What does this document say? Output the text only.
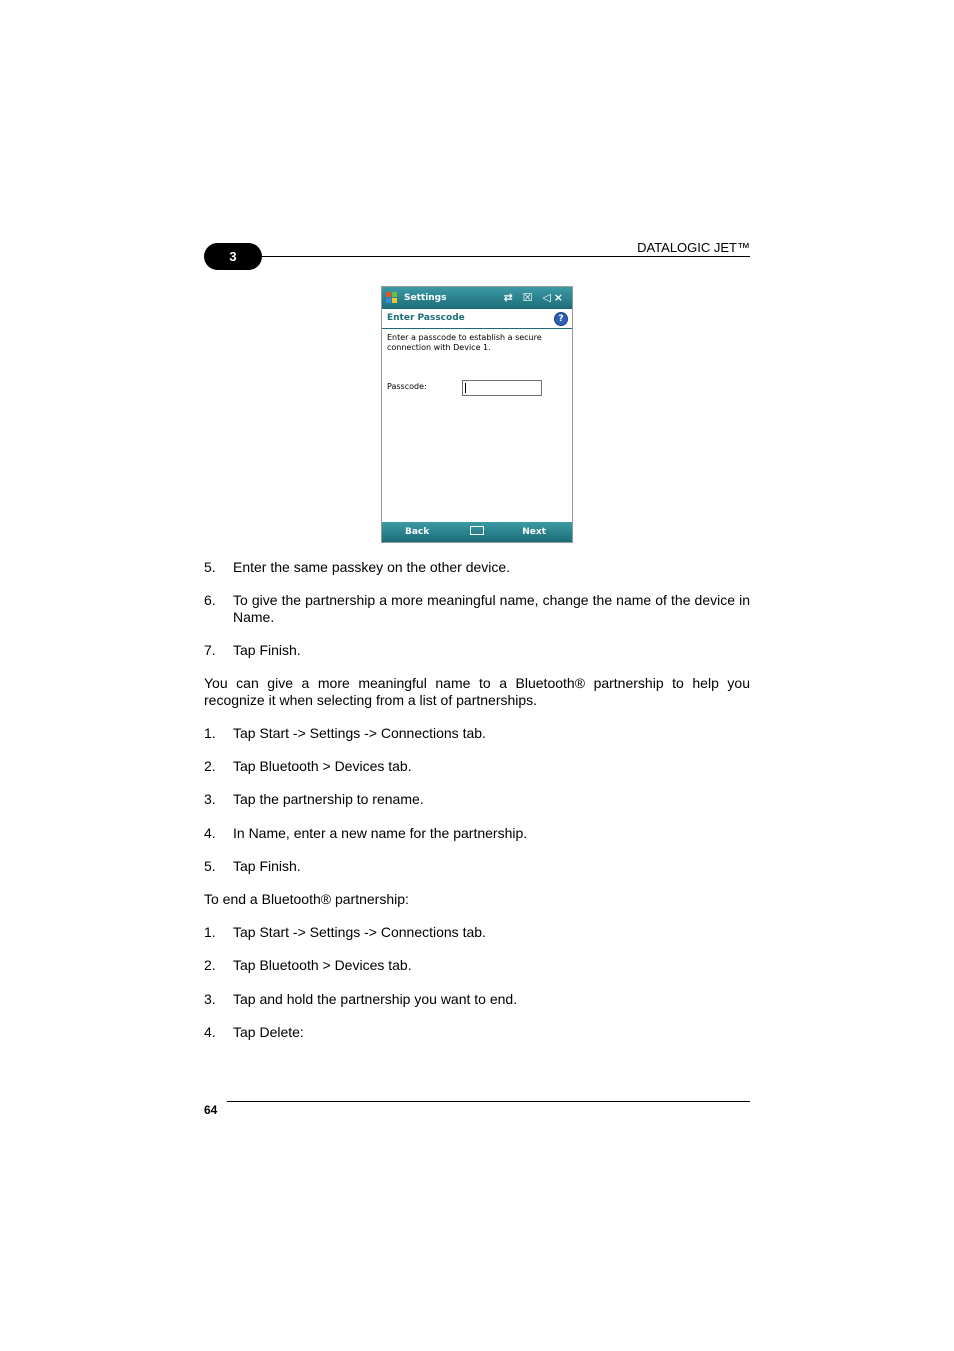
3
DATALOGIC JET™
Settings	⇄ ☒ ◁×
Enter Passcode	?
Enter a passcode to establish a secure connection with Device 1.
Passcode:
Back	Next
5. Enter the same passkey on the other device.
6. To give the partnership a more meaningful name, change the name of the device in Name.
7. Tap Finish.
You can give a more meaningful name to a Bluetooth® partnership to help you recognize it when selecting from a list of partnerships.
1. Tap Start -> Settings -> Connections tab.
2. Tap Bluetooth > Devices tab.
3. Tap the partnership to rename.
4. In Name, enter a new name for the partnership.
5. Tap Finish.
To end a Bluetooth® partnership:
1. Tap Start -> Settings -> Connections tab.
2. Tap Bluetooth > Devices tab.
3. Tap and hold the partnership you want to end.
4. Tap Delete:
64
